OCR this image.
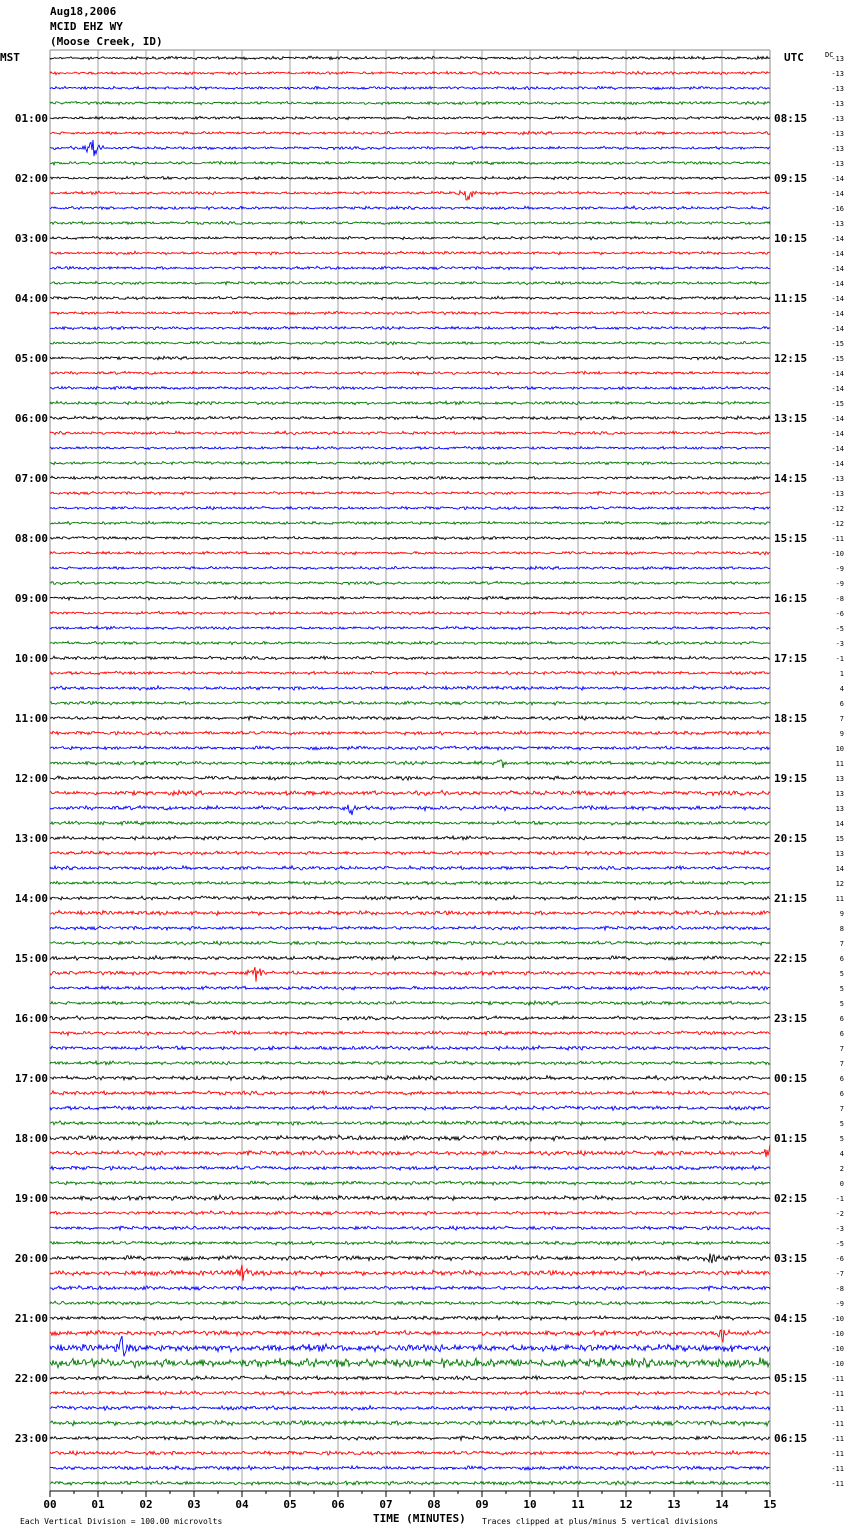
Aug18,2006
MCID EHZ WY
(Moose Creek, ID)
MST	UTC	DC
Each Vertical Division = 100.00 microvolts	TIME (MINUTES) Traces clipped at plus/minus 5 vertical divisions
00	01	02	03	04	05	06	07	08	09	10	11	12	13	14	15
-13
-13
-13
-13
-13
-13
-13
-13
-14
-14
-16
-13
-14
-14
-14
-14
-14
-14
-14
-15
-15
-14
-14
-15
-14
-14
-14
-14
-13
-13
-12
-12
-11
-10
-9
-9
-8
-6
-5
-3
-1
1
4
6
7
9
10
11
13
13
13
14
15
13
14
12
11
9
8
7
6
5
5
5
6
6
7
7
6
6
7
5
5
4
2
0
-1
-2
-3
-5
-6
-7
-8
-9
-10
-10
-10
-10
-11
-11
-11
-11
-11
-11
-11
-11
01:00	08:15
02:00	09:15
03:00	10:15
04:00	11:15
05:00	12:15
06:00	13:15
07:00	14:15
08:00	15:15
09:00	16:15
10:00	17:15
11:00	18:15
12:00	19:15
13:00	20:15
14:00	21:15
15:00	22:15
16:00	23:15
17:00	00:15
18:00	01:15
19:00	02:15
20:00	03:15
21:00	04:15
22:00	05:15
23:00	06:15
